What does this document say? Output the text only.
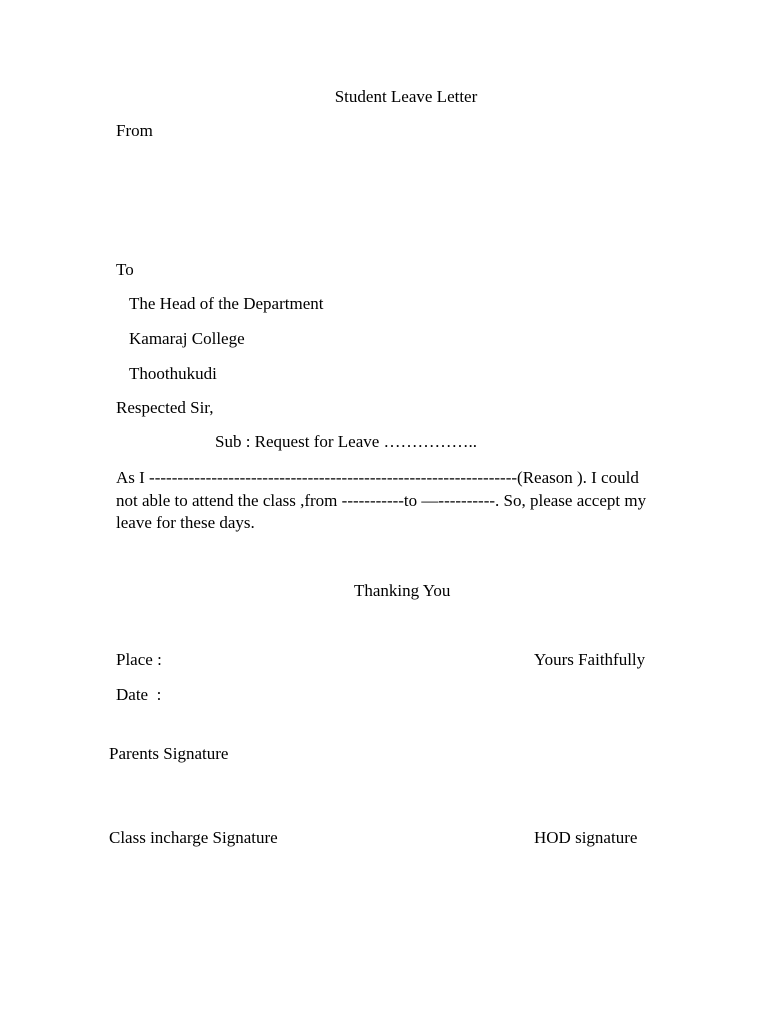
Student Leave Letter
From
To
The Head of the Department
Kamaraj College
Thoothukudi
Respected Sir,
Sub : Request for Leave ……………..
As I -----------------------------------------------------------------(Reason ). I could
not able to attend the class ,from -----------to —----------. So, please accept my
leave for these days.
Thanking You
Place :	Yours Faithfully
Date  :
Parents Signature
Class incharge Signature	HOD signature
